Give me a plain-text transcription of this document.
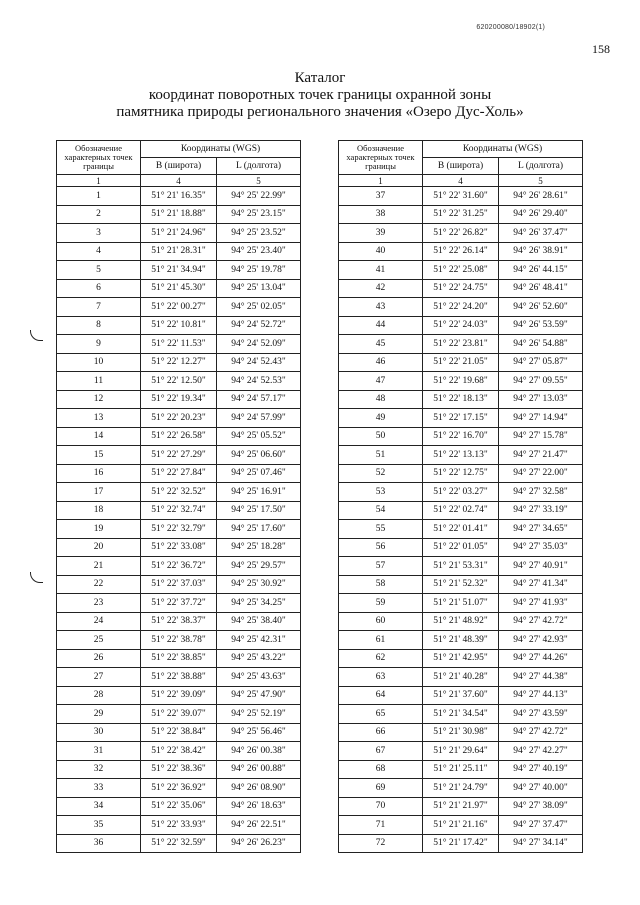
620200080/18902(1)
158
Каталог
координат поворотных точек границы охранной зоны
памятника природы регионального значения «Озеро Дус-Холь»
Обозначение характерных точек границы	Координаты (WGS)	
	B (широта)	L (долгота)
1	4	5
1	51° 21' 16.35"	94° 25' 22.99"
2	51° 21' 18.88"	94° 25' 23.15"
3	51° 21' 24.96"	94° 25' 23.52"
4	51° 21' 28.31"	94° 25' 23.40"
5	51° 21' 34.94"	94° 25' 19.78"
6	51° 21' 45.30"	94° 25' 13.04"
7	51° 22' 00.27"	94° 25' 02.05"
8	51° 22' 10.81"	94° 24' 52.72"
9	51° 22' 11.53"	94° 24' 52.09"
10	51° 22' 12.27"	94° 24' 52.43"
11	51° 22' 12.50"	94° 24' 52.53"
12	51° 22' 19.34"	94° 24' 57.17"
13	51° 22' 20.23"	94° 24' 57.99"
14	51° 22' 26.58"	94° 25' 05.52"
15	51° 22' 27.29"	94° 25' 06.60"
16	51° 22' 27.84"	94° 25' 07.46"
17	51° 22' 32.52"	94° 25' 16.91"
18	51° 22' 32.74"	94° 25' 17.50"
19	51° 22' 32.79"	94° 25' 17.60"
20	51° 22' 33.08"	94° 25' 18.28"
21	51° 22' 36.72"	94° 25' 29.57"
22	51° 22' 37.03"	94° 25' 30.92"
23	51° 22' 37.72"	94° 25' 34.25"
24	51° 22' 38.37"	94° 25' 38.40"
25	51° 22' 38.78"	94° 25' 42.31"
26	51° 22' 38.85"	94° 25' 43.22"
27	51° 22' 38.88"	94° 25' 43.63"
28	51° 22' 39.09"	94° 25' 47.90"
29	51° 22' 39.07"	94° 25' 52.19"
30	51° 22' 38.84"	94° 25' 56.46"
31	51° 22' 38.42"	94° 26' 00.38"
32	51° 22' 38.36"	94° 26' 00.88"
33	51° 22' 36.92"	94° 26' 08.90"
34	51° 22' 35.06"	94° 26' 18.63"
35	51° 22' 33.93"	94° 26' 22.51"
36	51° 22' 32.59"	94° 26' 26.23"
Обозначение характерных точек границы	Координаты (WGS)	
	B (широта)	L (долгота)
1	4	5
37	51° 22' 31.60"	94° 26' 28.61"
38	51° 22' 31.25"	94° 26' 29.40"
39	51° 22' 26.82"	94° 26' 37.47"
40	51° 22' 26.14"	94° 26' 38.91"
41	51° 22' 25.08"	94° 26' 44.15"
42	51° 22' 24.75"	94° 26' 48.41"
43	51° 22' 24.20"	94° 26' 52.60"
44	51° 22' 24.03"	94° 26' 53.59"
45	51° 22' 23.81"	94° 26' 54.88"
46	51° 22' 21.05"	94° 27' 05.87"
47	51° 22' 19.68"	94° 27' 09.55"
48	51° 22' 18.13"	94° 27' 13.03"
49	51° 22' 17.15"	94° 27' 14.94"
50	51° 22' 16.70"	94° 27' 15.78"
51	51° 22' 13.13"	94° 27' 21.47"
52	51° 22' 12.75"	94° 27' 22.00"
53	51° 22' 03.27"	94° 27' 32.58"
54	51° 22' 02.74"	94° 27' 33.19"
55	51° 22' 01.41"	94° 27' 34.65"
56	51° 22' 01.05"	94° 27' 35.03"
57	51° 21' 53.31"	94° 27' 40.91"
58	51° 21' 52.32"	94° 27' 41.34"
59	51° 21' 51.07"	94° 27' 41.93"
60	51° 21' 48.92"	94° 27' 42.72"
61	51° 21' 48.39"	94° 27' 42.93"
62	51° 21' 42.95"	94° 27' 44.26"
63	51° 21' 40.28"	94° 27' 44.38"
64	51° 21' 37.60"	94° 27' 44.13"
65	51° 21' 34.54"	94° 27' 43.59"
66	51° 21' 30.98"	94° 27' 42.72"
67	51° 21' 29.64"	94° 27' 42.27"
68	51° 21' 25.11"	94° 27' 40.19"
69	51° 21' 24.79"	94° 27' 40.00"
70	51° 21' 21.97"	94° 27' 38.09"
71	51° 21' 21.16"	94° 27' 37.47"
72	51° 21' 17.42"	94° 27' 34.14"
